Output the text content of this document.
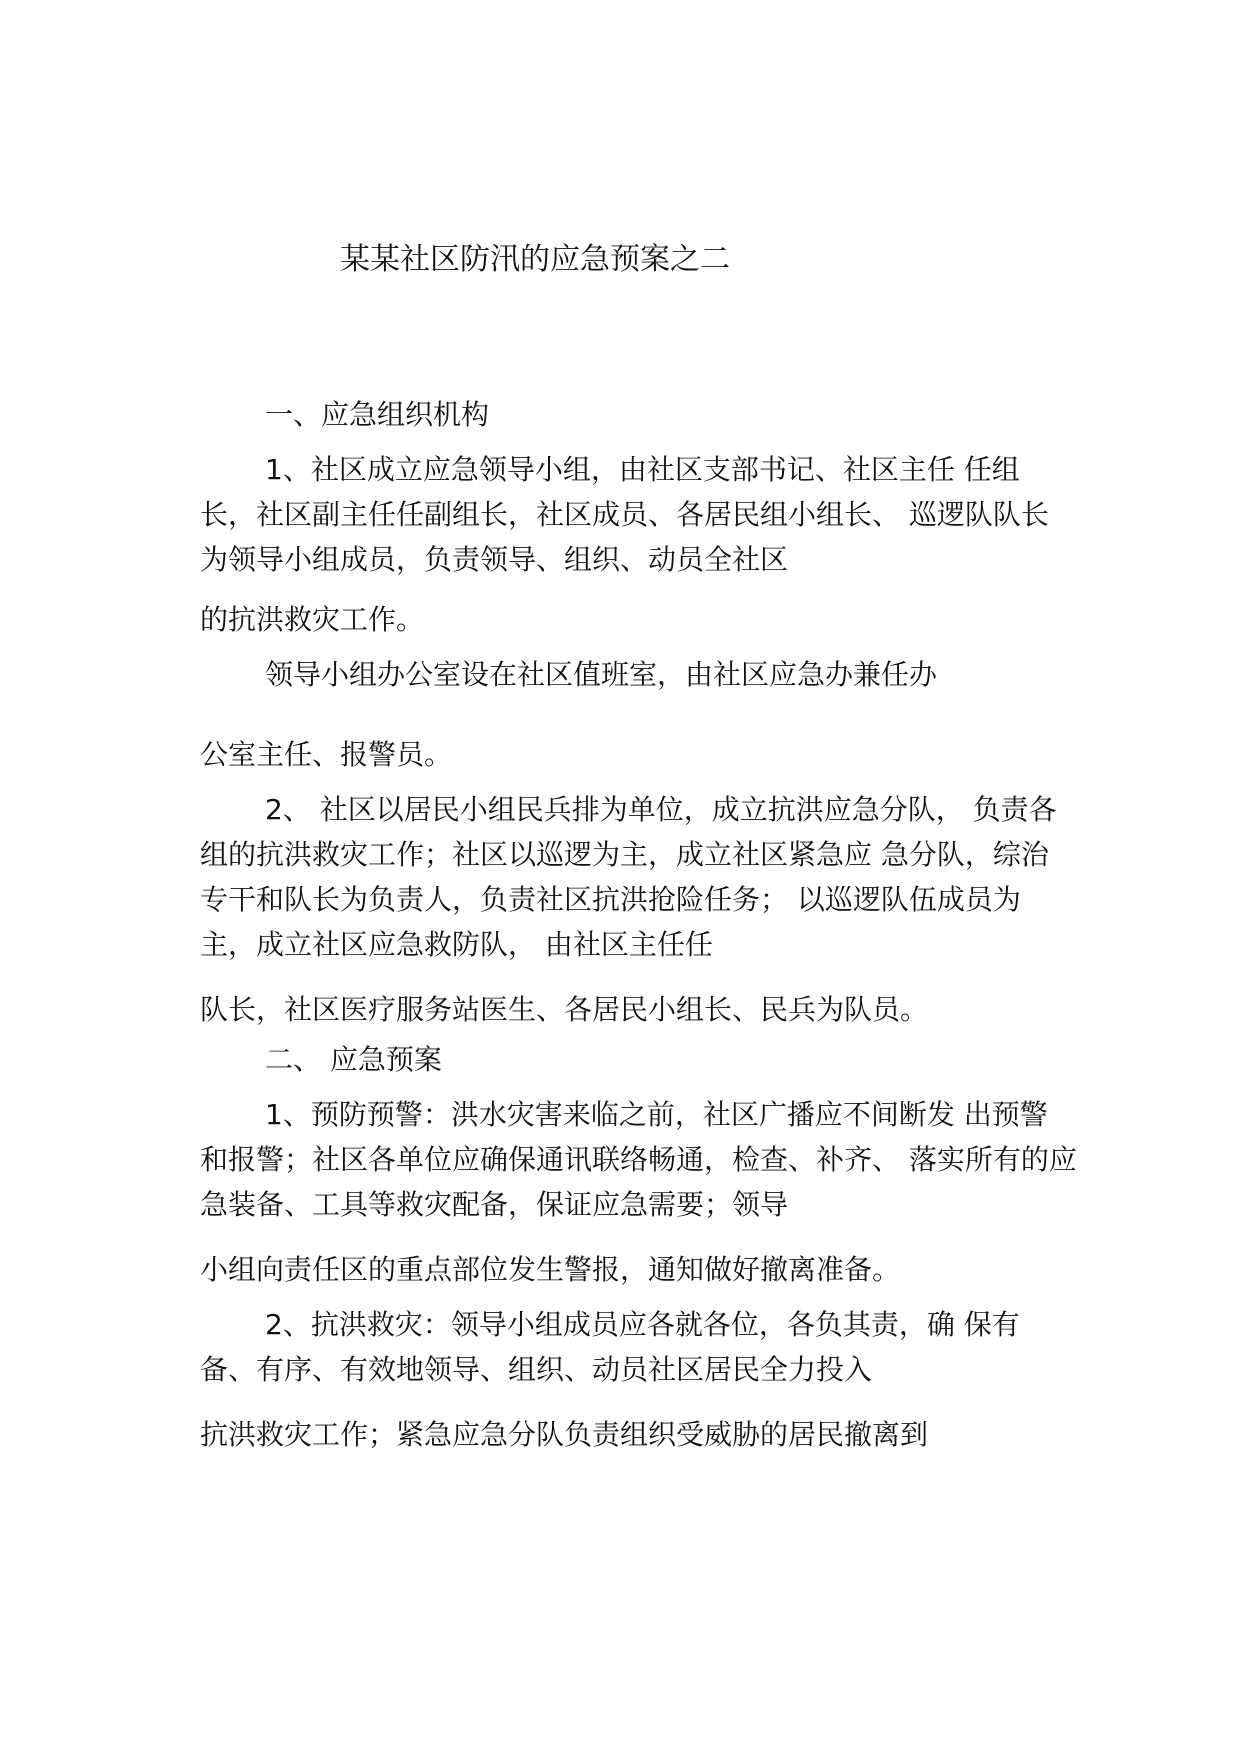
某某社区防汛的应急预案之二
一、应急组织机构
1、社区成立应急领导小组，由社区支部书记、社区主任 任组
长，社区副主任任副组长，社区成员、各居民组小组长、 巡逻队队长
为领导小组成员，负责领导、组织、动员全社区
的抗洪救灾工作。
领导小组办公室设在社区值班室，由社区应急办兼任办
公室主任、报警员。
2、 社区以居民小组民兵排为单位，成立抗洪应急分队， 负责各
组的抗洪救灾工作；社区以巡逻为主，成立社区紧急应 急分队，综治
专干和队长为负责人，负责社区抗洪抢险任务； 以巡逻队伍成员为
主，成立社区应急救防队， 由社区主任任
队长，社区医疗服务站医生、各居民小组长、民兵为队员。
二、 应急预案
1、预防预警：洪水灾害来临之前，社区广播应不间断发 出预警
和报警；社区各单位应确保通讯联络畅通，检查、补齐、 落实所有的应
急装备、工具等救灾配备，保证应急需要；领导
小组向责任区的重点部位发生警报，通知做好撤离准备。
2、抗洪救灾：领导小组成员应各就各位，各负其责，确 保有
备、有序、有效地领导、组织、动员社区居民全力投入
抗洪救灾工作；紧急应急分队负责组织受威胁的居民撤离到
